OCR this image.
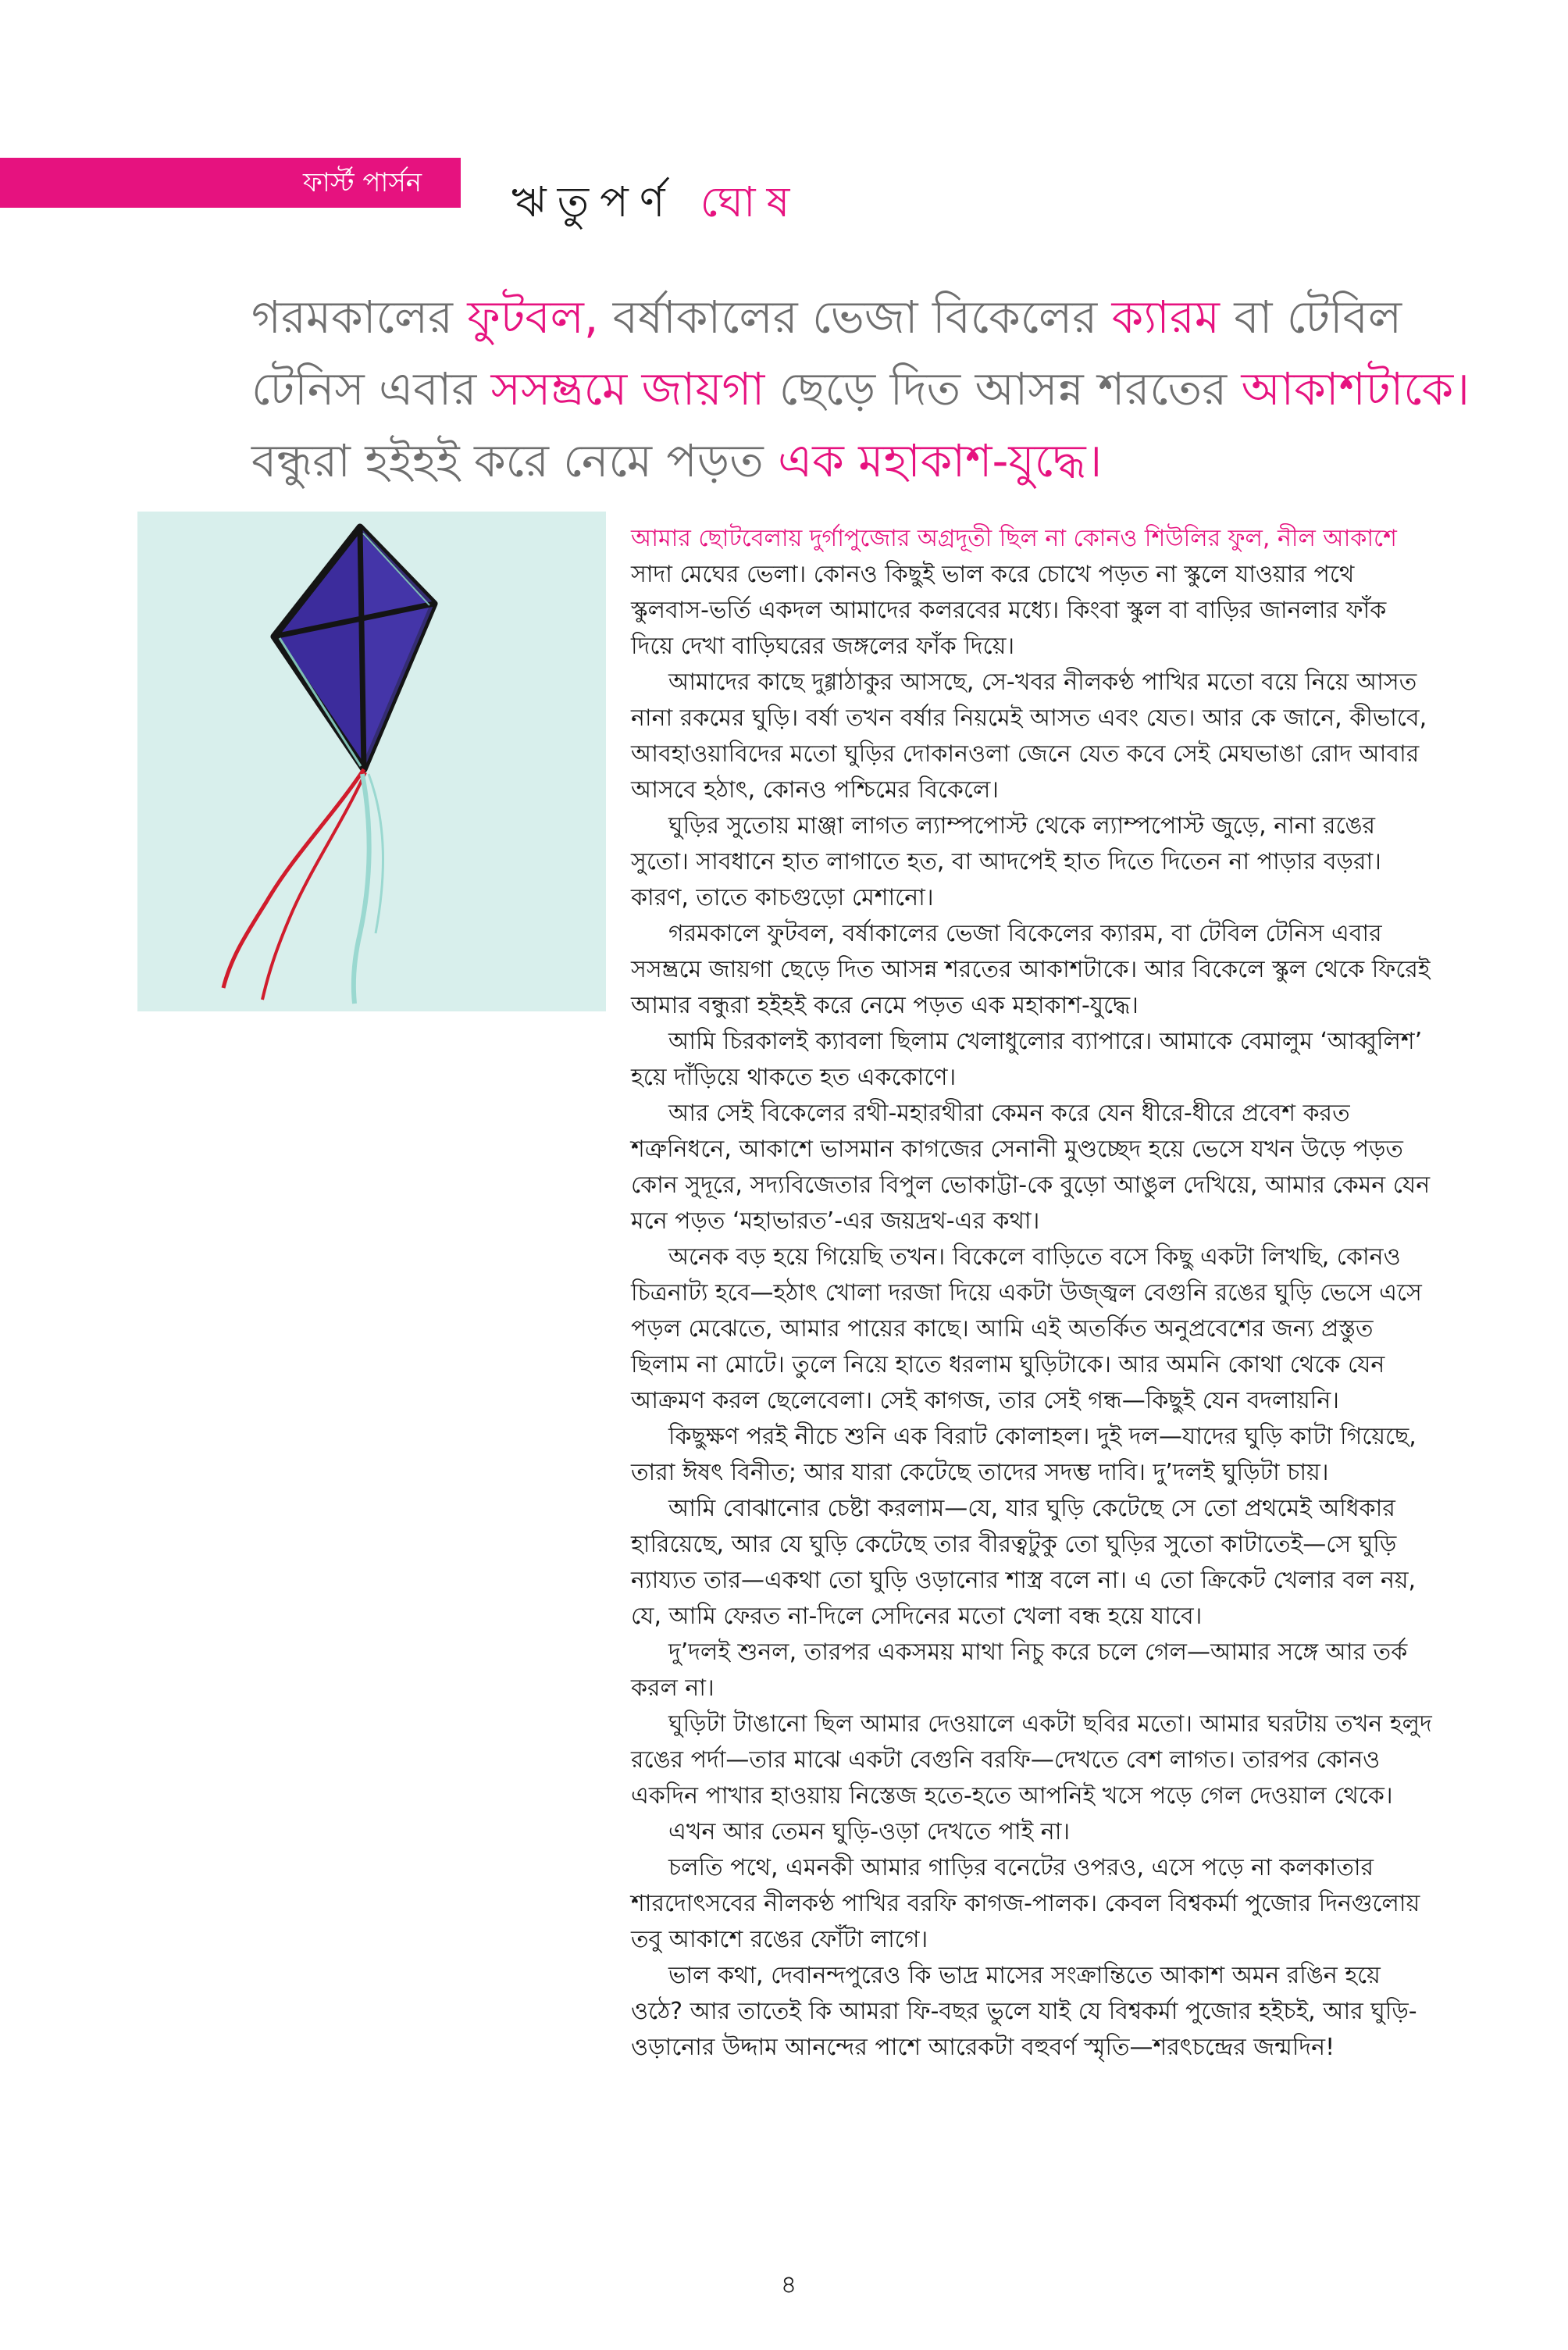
ফার্স্ট পার্সন	ঋতুপর্ণ ঘোষ
গরমকালের ফুটবল, বর্ষাকালের ভেজা বিকেলের ক্যারম বা টেবিল টেনিস এবার সসম্ভ্রমে জায়গা ছেড়ে দিত আসন্ন শরতের আকাশটাকে। বন্ধুরা হইহই করে নেমে পড়ত এক মহাকাশ-যুদ্ধে।

আমার ছোটবেলায় দুর্গাপুজোর অগ্রদূতী ছিল না কোনও শিউলির ফুল, নীল আকাশে সাদা মেঘের ভেলা। কোনও কিছুই ভাল করে চোখে পড়ত না স্কুলে যাওয়ার পথে স্কুলবাস-ভর্তি একদল আমাদের কলরবের মধ্যে। কিংবা স্কুল বা বাড়ির জানলার ফাঁক দিয়ে দেখা বাড়িঘরের জঙ্গলের ফাঁক দিয়ে।

আমাদের কাছে দুগ্গাঠাকুর আসছে, সে-খবর নীলকণ্ঠ পাখির মতো বয়ে নিয়ে আসত নানা রকমের ঘুড়ি। বর্ষা তখন বর্ষার নিয়মেই আসত এবং যেত। আর কে জানে, কীভাবে, আবহাওয়াবিদের মতো ঘুড়ির দোকানওলা জেনে যেত কবে সেই মেঘভাঙা রোদ আবার আসবে হঠাৎ, কোনও পশ্চিমের বিকেলে।

ঘুড়ির সুতোয় মাঞ্জা লাগত ল্যাম্পপোস্ট থেকে ল্যাম্পপোস্ট জুড়ে, নানা রঙের সুতো। সাবধানে হাত লাগাতে হত, বা আদপেই হাত দিতে দিতেন না পাড়ার বড়রা। কারণ, তাতে কাচগুড়ো মেশানো।

গরমকালে ফুটবল, বর্ষাকালের ভেজা বিকেলের ক্যারম, বা টেবিল টেনিস এবার সসম্ভ্রমে জায়গা ছেড়ে দিত আসন্ন শরতের আকাশটাকে। আর বিকেলে স্কুল থেকে ফিরেই আমার বন্ধুরা হইহই করে নেমে পড়ত এক মহাকাশ-যুদ্ধে।

আমি চিরকালই ক্যাবলা ছিলাম খেলাধুলোর ব্যাপারে। আমাকে বেমালুম ‘আব্বুলিশ’ হয়ে দাঁড়িয়ে থাকতে হত এককোণে।

আর সেই বিকেলের রথী-মহারথীরা কেমন করে যেন ধীরে-ধীরে প্রবেশ করত শত্রুনিধনে, আকাশে ভাসমান কাগজের সেনানী মুণ্ডচ্ছেদ হয়ে ভেসে যখন উড়ে পড়ত কোন সুদূরে, সদ্যবিজেতার বিপুল ভোকাট্টা-কে বুড়ো আঙুল দেখিয়ে, আমার কেমন যেন মনে পড়ত ‘মহাভারত’-এর জয়দ্রথ-এর কথা।

অনেক বড় হয়ে গিয়েছি তখন। বিকেলে বাড়িতে বসে কিছু একটা লিখছি, কোনও চিত্রনাট্য হবে—হঠাৎ খোলা দরজা দিয়ে একটা উজ্জ্বল বেগুনি রঙের ঘুড়ি ভেসে এসে পড়ল মেঝেতে, আমার পায়ের কাছে। আমি এই অতর্কিত অনুপ্রবেশের জন্য প্রস্তুত ছিলাম না মোটে। তুলে নিয়ে হাতে ধরলাম ঘুড়িটাকে। আর অমনি কোথা থেকে যেন আক্রমণ করল ছেলেবেলা। সেই কাগজ, তার সেই গন্ধ—কিছুই যেন বদলায়নি।

কিছুক্ষণ পরই নীচে শুনি এক বিরাট কোলাহল। দুই দল—যাদের ঘুড়ি কাটা গিয়েছে, তারা ঈষৎ বিনীত; আর যারা কেটেছে তাদের সদম্ভ দাবি। দু’দলই ঘুড়িটা চায়।

আমি বোঝানোর চেষ্টা করলাম—যে, যার ঘুড়ি কেটেছে সে তো প্রথমেই অধিকার হারিয়েছে, আর যে ঘুড়ি কেটেছে তার বীরত্বটুকু তো ঘুড়ির সুতো কাটাতেই—সে ঘুড়ি ন্যায্যত তার—একথা তো ঘুড়ি ওড়ানোর শাস্ত্র বলে না। এ তো ক্রিকেট খেলার বল নয়, যে, আমি ফেরত না-দিলে সেদিনের মতো খেলা বন্ধ হয়ে যাবে।

দু’দলই শুনল, তারপর একসময় মাথা নিচু করে চলে গেল—আমার সঙ্গে আর তর্ক করল না।

ঘুড়িটা টাঙানো ছিল আমার দেওয়ালে একটা ছবির মতো। আমার ঘরটায় তখন হলুদ রঙের পর্দা—তার মাঝে একটা বেগুনি বরফি—দেখতে বেশ লাগত। তারপর কোনও একদিন পাখার হাওয়ায় নিস্তেজ হতে-হতে আপনিই খসে পড়ে গেল দেওয়াল থেকে।

এখন আর তেমন ঘুড়ি-ওড়া দেখতে পাই না।

চলতি পথে, এমনকী আমার গাড়ির বনেটের ওপরও, এসে পড়ে না কলকাতার শারদোৎসবের নীলকণ্ঠ পাখির বরফি কাগজ-পালক। কেবল বিশ্বকর্মা পুজোর দিনগুলোয় তবু আকাশে রঙের ফোঁটা লাগে।

ভাল কথা, দেবানন্দপুরেও কি ভাদ্র মাসের সংক্রান্তিতে আকাশ অমন রঙিন হয়ে ওঠে? আর তাতেই কি আমরা ফি-বছর ভুলে যাই যে বিশ্বকর্মা পুজোর হইচই, আর ঘুড়ি-ওড়ানোর উদ্দাম আনন্দের পাশে আরেকটা বহুবর্ণ স্মৃতি—শরৎচন্দ্রের জন্মদিন!

৪
